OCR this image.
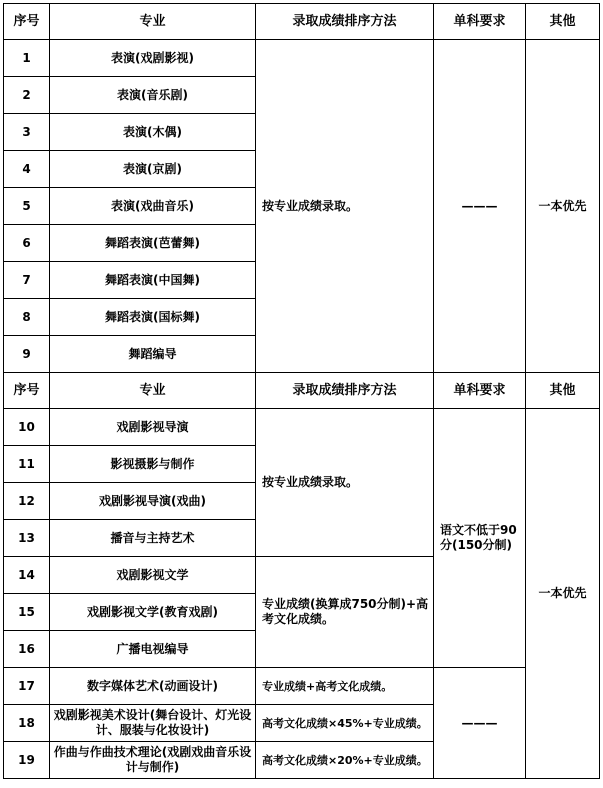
序号	专业	录取成绩排序方法	单科要求	其他
1	表演(戏剧影视)	按专业成绩录取。	———	一本优先
2	表演(音乐剧)			
3	表演(木偶)			
4	表演(京剧)			
5	表演(戏曲音乐)			
6	舞蹈表演(芭蕾舞)			
7	舞蹈表演(中国舞)			
8	舞蹈表演(国标舞)			
9	舞蹈编导			
序号	专业	录取成绩排序方法	单科要求	其他
10	戏剧影视导演	按专业成绩录取。	语文不低于90分(150分制)	一本优先
11	影视摄影与制作			
12	戏剧影视导演(戏曲)			
13	播音与主持艺术			
14	戏剧影视文学	专业成绩(换算成750分制)+高考文化成绩。		
15	戏剧影视文学(教育戏剧)			
16	广播电视编导			
17	数字媒体艺术(动画设计)	专业成绩+高考文化成绩。	———	
18	戏剧影视美术设计(舞台设计、灯光设计、服装与化妆设计)	高考文化成绩×45%+专业成绩。		
19	作曲与作曲技术理论(戏剧戏曲音乐设计与制作)	高考文化成绩×20%+专业成绩。		
